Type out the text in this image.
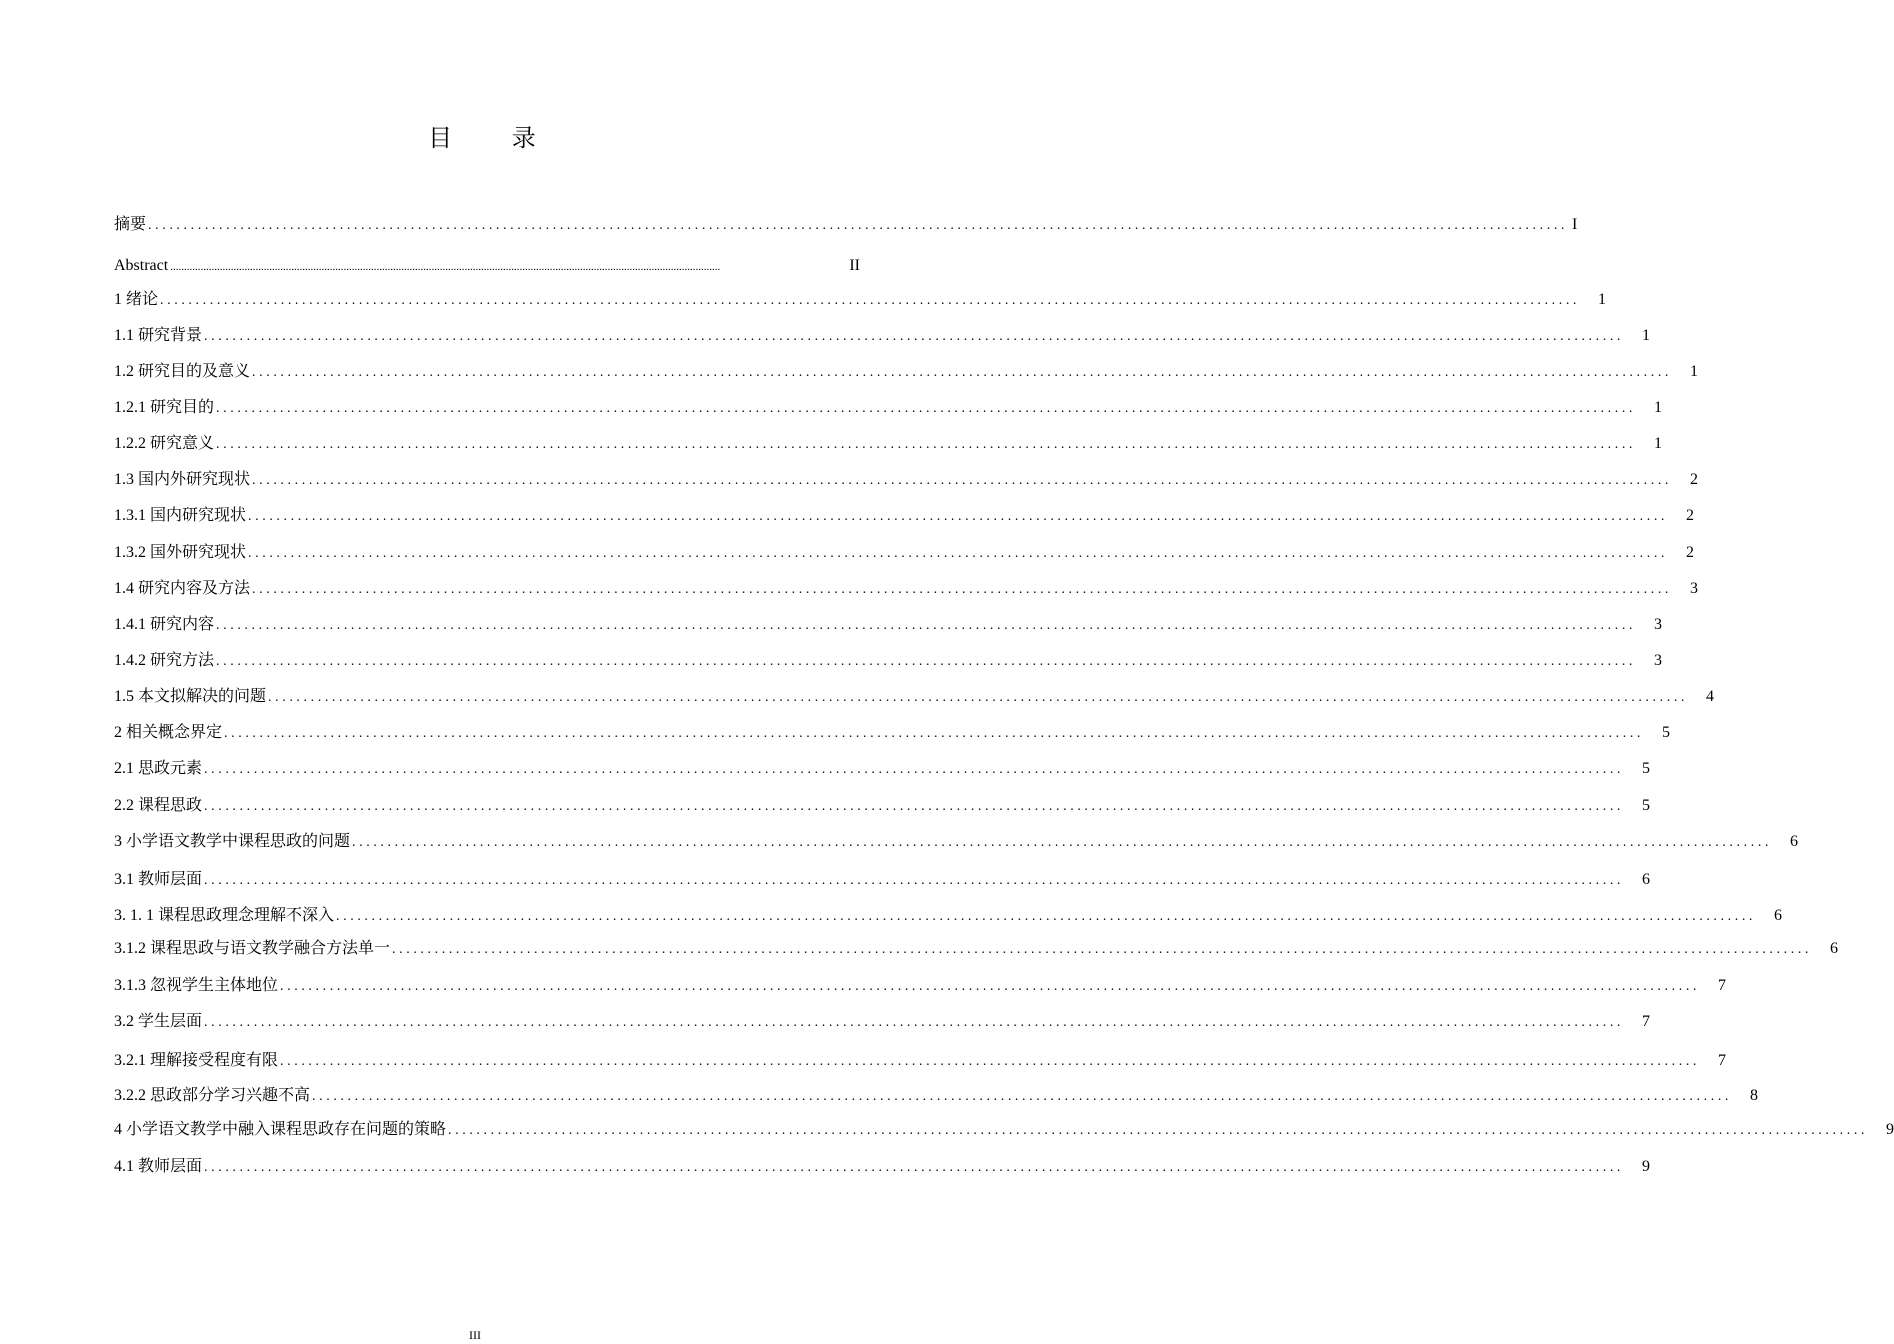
目 录
摘要 ........................................................................................................................................................................................................ I
Abstract ........................................................................................................................................................................................................	II
1 绪论 ........................................................................................................................................................................................................	1
1.1 研究背景 ........................................................................................................................................................................................................	1
1.2 研究目的及意义 ........................................................................................................................................................................................................	1
1.2.1 研究目的 ........................................................................................................................................................................................................	1
1.2.2 研究意义 ........................................................................................................................................................................................................	1
1.3 国内外研究现状 ........................................................................................................................................................................................................	2
1.3.1 国内研究现状 ........................................................................................................................................................................................................	2
1.3.2 国外研究现状 ........................................................................................................................................................................................................	2
1.4 研究内容及方法 ........................................................................................................................................................................................................	3
1.4.1 研究内容 ........................................................................................................................................................................................................	3
1.4.2 研究方法 ........................................................................................................................................................................................................	3
1.5 本文拟解决的问题 ........................................................................................................................................................................................................	4
2 相关概念界定 ........................................................................................................................................................................................................	5
2.1 思政元素 ........................................................................................................................................................................................................	5
2.2 课程思政 ........................................................................................................................................................................................................	5
3 小学语文教学中课程思政的问题 ........................................................................................................................................................................................................	6
3.1 教师层面 ........................................................................................................................................................................................................	6
3. 1. 1 课程思政理念理解不深入 ........................................................................................................................................................................................................	6
3.1.2 课程思政与语文教学融合方法单一 ........................................................................................................................................................................................................	6
3.1.3 忽视学生主体地位 ........................................................................................................................................................................................................	7
3.2 学生层面 ........................................................................................................................................................................................................	7
3.2.1 理解接受程度有限 ........................................................................................................................................................................................................	7
3.2.2 思政部分学习兴趣不高 ........................................................................................................................................................................................................	8
4 小学语文教学中融入课程思政存在问题的策略 ........................................................................................................................................................................................................	9
4.1 教师层面 ........................................................................................................................................................................................................	9
III
